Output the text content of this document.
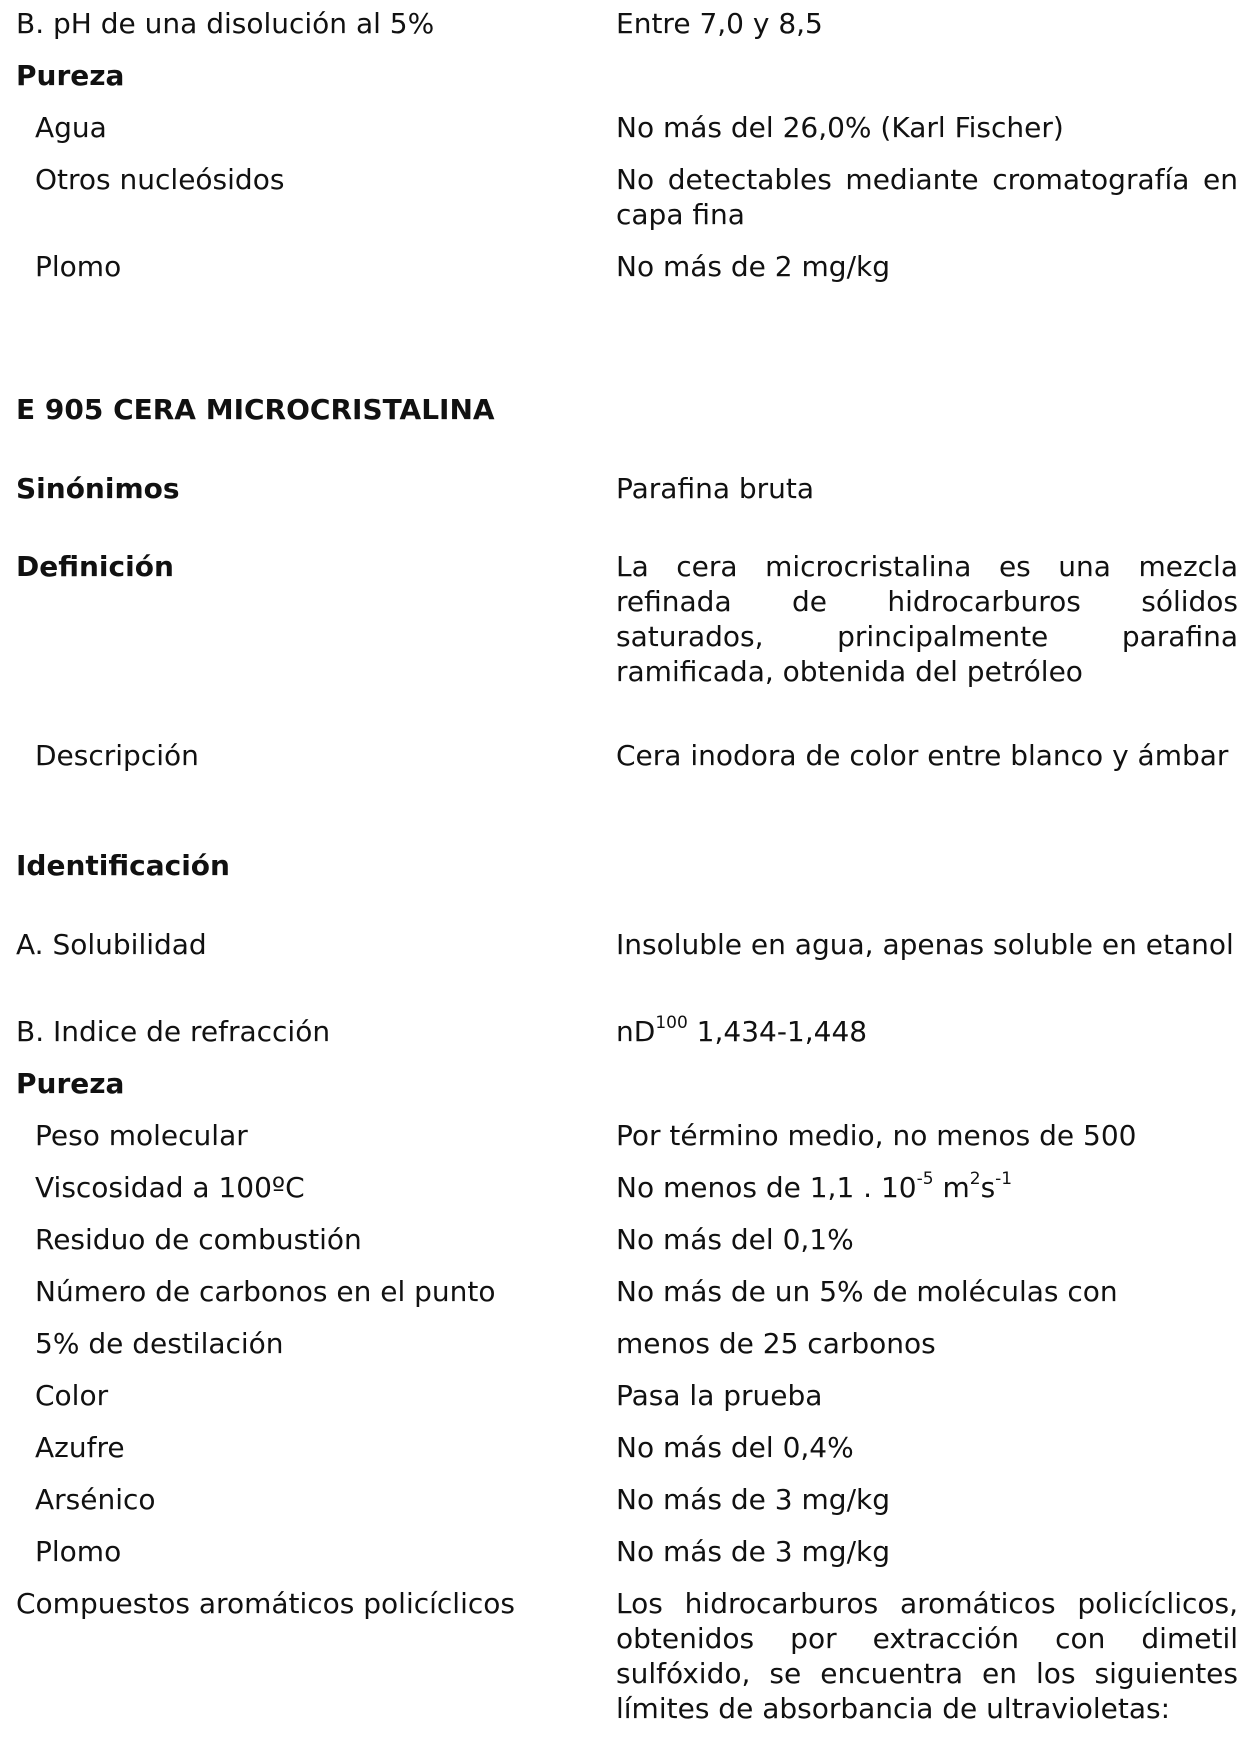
B. pH de una disolución al 5%	Entre 7,0 y 8,5
Pureza
Agua	No más del 26,0% (Karl Fischer)
Otros nucleósidos	No detectables mediante cromatografía en capa fina
Plomo	No más de 2 mg/kg
E 905 CERA MICROCRISTALINA
Sinónimos	Parafina bruta
Definición	La cera microcristalina es una mezcla refinada de hidrocarburos sólidos saturados, principalmente parafina ramificada, obtenida del petróleo
Descripción	Cera inodora de color entre blanco y ámbar
Identificación
A. Solubilidad	Insoluble en agua, apenas soluble en etanol
B. Indice de refracción	$nD^{100}$ 1,434-1,448
Pureza
Peso molecular	Por término medio, no menos de 500
Viscosidad a 100ºC	No menos de 1,1 . $10^{-5}$ $m^2s^{-1}$
Residuo de combustión	No más del 0,1%
Número de carbonos en el punto	No más de un 5% de moléculas con
5% de destilación	menos de 25 carbonos
Color	Pasa la prueba
Azufre	No más del 0,4%
Arsénico	No más de 3 mg/kg
Plomo	No más de 3 mg/kg
Compuestos aromáticos policíclicos	Los hidrocarburos aromáticos policíclicos, obtenidos por extracción con dimetil sulfóxido, se encuentra en los siguientes límites de absorbancia de ultravioletas:
